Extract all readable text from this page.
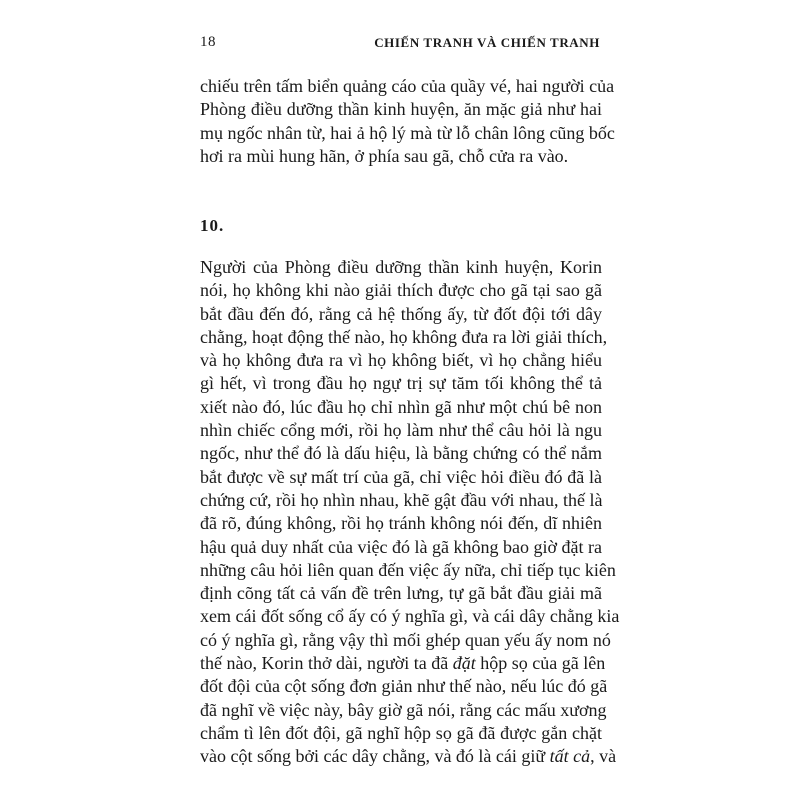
18	CHIẾN TRANH VÀ CHIẾN TRANH
chiếu trên tấm biển quảng cáo của quầy vé, hai người của
Phòng điều dưỡng thần kinh huyện, ăn mặc giả như hai
mụ ngốc nhân từ, hai ả hộ lý mà từ lỗ chân lông cũng bốc
hơi ra mùi hung hãn, ở phía sau gã, chỗ cửa ra vào.
10.
Người của Phòng điều dưỡng thần kinh huyện, Korin
nói, họ không khi nào giải thích được cho gã tại sao gã
bắt đầu đến đó, rằng cả hệ thống ấy, từ đốt đội tới dây
chằng, hoạt động thế nào, họ không đưa ra lời giải thích,
và họ không đưa ra vì họ không biết, vì họ chẳng hiểu
gì hết, vì trong đầu họ ngự trị sự tăm tối không thể tả
xiết nào đó, lúc đầu họ chỉ nhìn gã như một chú bê non
nhìn chiếc cổng mới, rồi họ làm như thể câu hỏi là ngu
ngốc, như thể đó là dấu hiệu, là bằng chứng có thể nắm
bắt được về sự mất trí của gã, chỉ việc hỏi điều đó đã là
chứng cứ, rồi họ nhìn nhau, khẽ gật đầu với nhau, thế là
đã rõ, đúng không, rồi họ tránh không nói đến, dĩ nhiên
hậu quả duy nhất của việc đó là gã không bao giờ đặt ra
những câu hỏi liên quan đến việc ấy nữa, chỉ tiếp tục kiên
định cõng tất cả vấn đề trên lưng, tự gã bắt đầu giải mã
xem cái đốt sống cổ ấy có ý nghĩa gì, và cái dây chằng kia
có ý nghĩa gì, rằng vậy thì mối ghép quan yếu ấy nom nó
thế nào, Korin thở dài, người ta đã đặt hộp sọ của gã lên
đốt đội của cột sống đơn giản như thế nào, nếu lúc đó gã
đã nghĩ về việc này, bây giờ gã nói, rằng các mấu xương
chẩm tì lên đốt đội, gã nghĩ hộp sọ gã đã được gắn chặt
vào cột sống bởi các dây chằng, và đó là cái giữ tất cả, và
